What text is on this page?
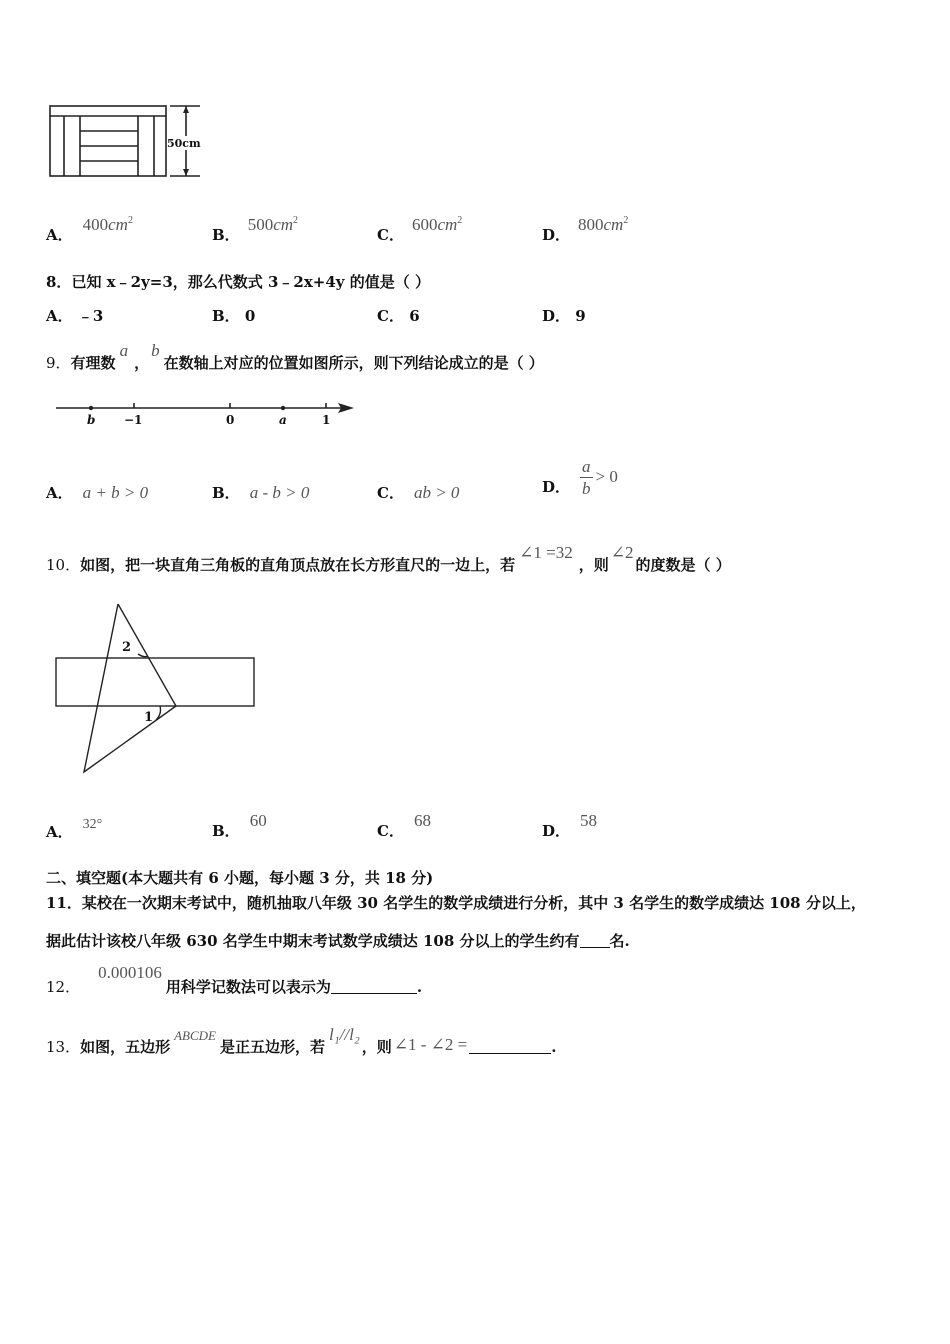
50cm
A．$400cm^2$
B．$500cm^2$
C．$600cm^2$
D．$800cm^2$
8．已知 x﹣2y=3，那么代数式 3﹣2x+4y 的值是（ ）
A． ﹣3	B． 0	C． 6	D． 9
9．有理数a，b在数轴上对应的位置如图所示，则下列结论成立的是（ ）
b −1	0	a	1
A． a + b > 0	B． a - b > 0	C． ab > 0	D． $\frac{a}{b} > 0$
10．如图，把一块直角三角板的直角顶点放在长方形直尺的一边上，若∠1 =32，则∠2的度数是（ ）
2
1
A． 32°	B．60
C．68
D．58
二、填空题(本大题共有 6 小题，每小题 3 分，共 18 分)
11．某校在一次期末考试中，随机抽取八年级 30 名学生的数学成绩进行分析，其中 3 名学生的数学成绩达 108 分以上，
据此估计该校八年级 630 名学生中期末考试数学成绩达 108 分以上的学生约有 名.
12．0.000106用科学记数法可以表示为	.
13．如图，五边形ABCDE是正五边形，若l₁//l₂，则 ∠1 - ∠2 =	.
